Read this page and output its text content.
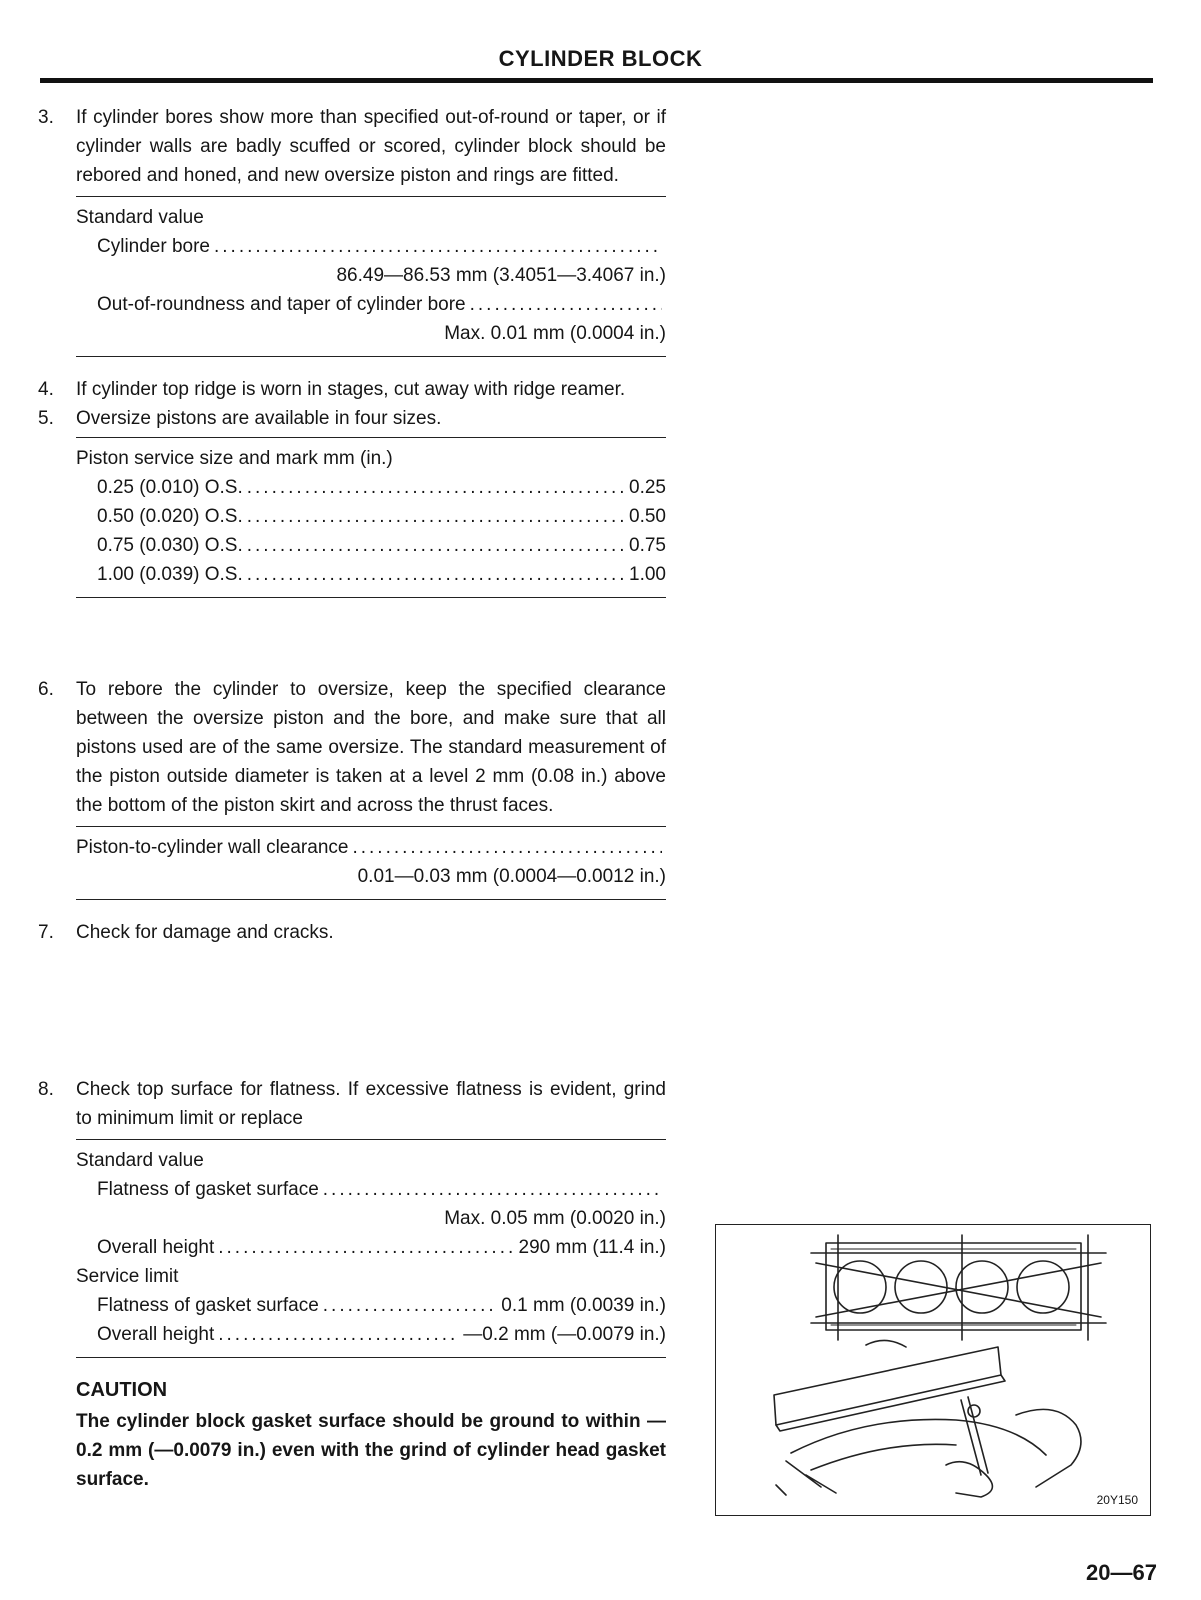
CYLINDER BLOCK
3. If cylinder bores show more than specified out-of-round or taper, or if cylinder walls are badly scuffed or scored, cylinder block should be rebored and honed, and new oversize piston and rings are fitted.

Standard value
Cylinder bore
.....
86.49—86.53 mm (3.4051—3.4067 in.)
Out-of-roundness and taper of cylinder bore
.....
Max. 0.01 mm (0.0004 in.)
4. If cylinder top ridge is worn in stages, cut away with ridge reamer.

5. Oversize pistons are available in four sizes.

Piston service size and mark mm (in.)
0.25 (0.010) O.S. .....	0.25
0.50 (0.020) O.S. .....	0.50
0.75 (0.030) O.S. .....	0.75
1.00 (0.039) O.S. .....	1.00
6. To rebore the cylinder to oversize, keep the specified clearance between the oversize piston and the bore, and make sure that all pistons used are of the same oversize. The standard measurement of the piston outside diameter is taken at a level 2 mm (0.08 in.) above the bottom of the piston skirt and across the thrust faces.

Piston-to-cylinder wall clearance
.....
0.01—0.03 mm (0.0004—0.0012 in.)
7. Check for damage and cracks.

8. Check top surface for flatness. If excessive flatness is evident, grind to minimum limit or replace

Standard value
Flatness of gasket surface
.....
Max. 0.05 mm (0.0020 in.)
Overall height .....	290 mm (11.4 in.)
Service limit
Flatness of gasket surface .....	0.1 mm (0.0039 in.)
Overall height .....	—0.2 mm (—0.0079 in.)
CAUTION
The cylinder block gasket surface should be ground to within —0.2 mm (—0.0079 in.) even with the grind of cylinder head gasket surface.
20Y150
20—67
